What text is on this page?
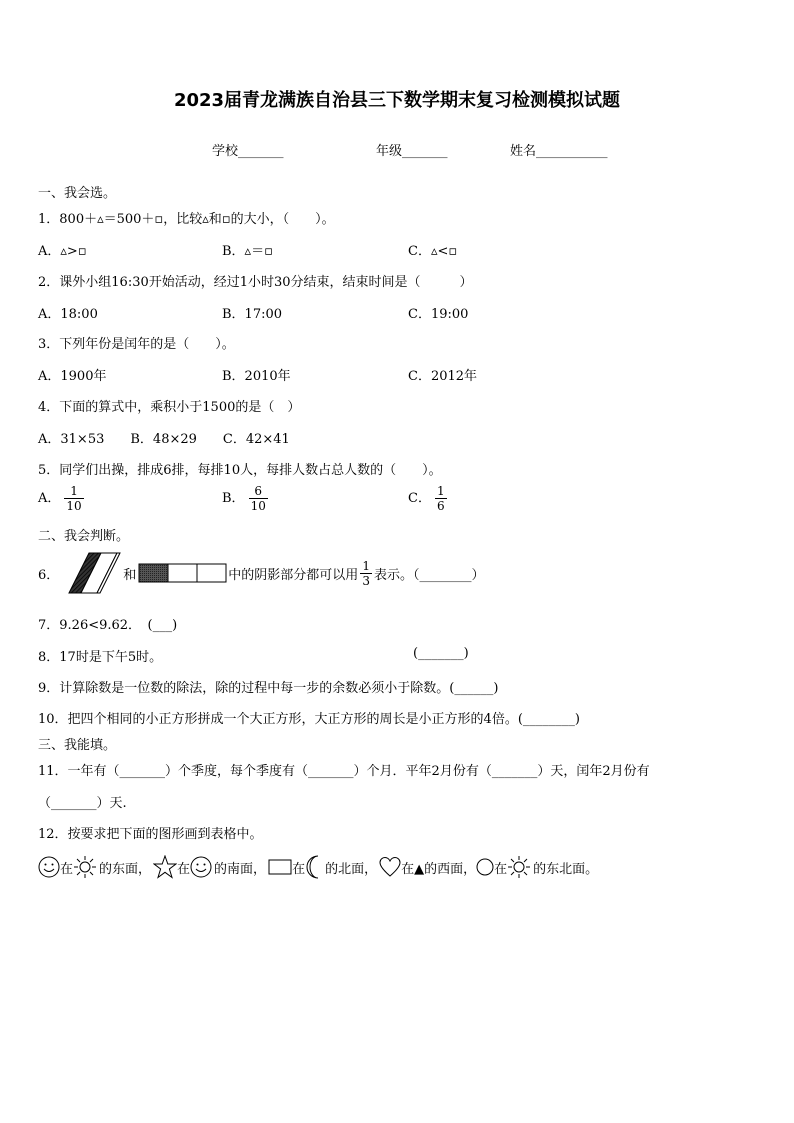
2023届青龙满族自治县三下数学期末复习检测模拟试题
学校_______	年级_______	姓名___________
一、我会选。
1．800＋▵＝500＋▫，比较▵和▫的大小，（　　）。
A．▵>▫	B．▵＝▫	C．▵<▫
2．课外小组16:30开始活动，经过1小时30分结束，结束时间是（　　　）
A．18:00	B．17:00	C．19:00
3．下列年份是闰年的是（　　）。
A．1900年	B．2010年	C．2012年
4．下面的算式中，乘积小于1500的是（　）
A．31×53　　B．48×29　　C．42×41
5．同学们出操，排成6排，每排10人，每排人数占总人数的（　　）。
A． $\frac{1}{10}$	B． $\frac{6}{10}$	C． $\frac{1}{6}$
二、我会判断。
6．	和	中的阴影部分都可以用 $\frac{1}{3}$ 表示。（________）
7．9.26<9.62．　(___)
8．17时是下午5时。	(_______)
9．计算除数是一位数的除法，除的过程中每一步的余数必须小于除数。(______)
10．把四个相同的小正方形拼成一个大正方形，大正方形的周长是小正方形的4倍。(________)
三、我能填。
11．一年有（_______）个季度，每个季度有（_______）个月．平年2月份有（_______）天，闰年2月份有
（_______）天.
12．按要求把下面的图形画到表格中。
在 的东面， 在 的南面， 在 的北面， 在▲的西面， 在 的东北面。
